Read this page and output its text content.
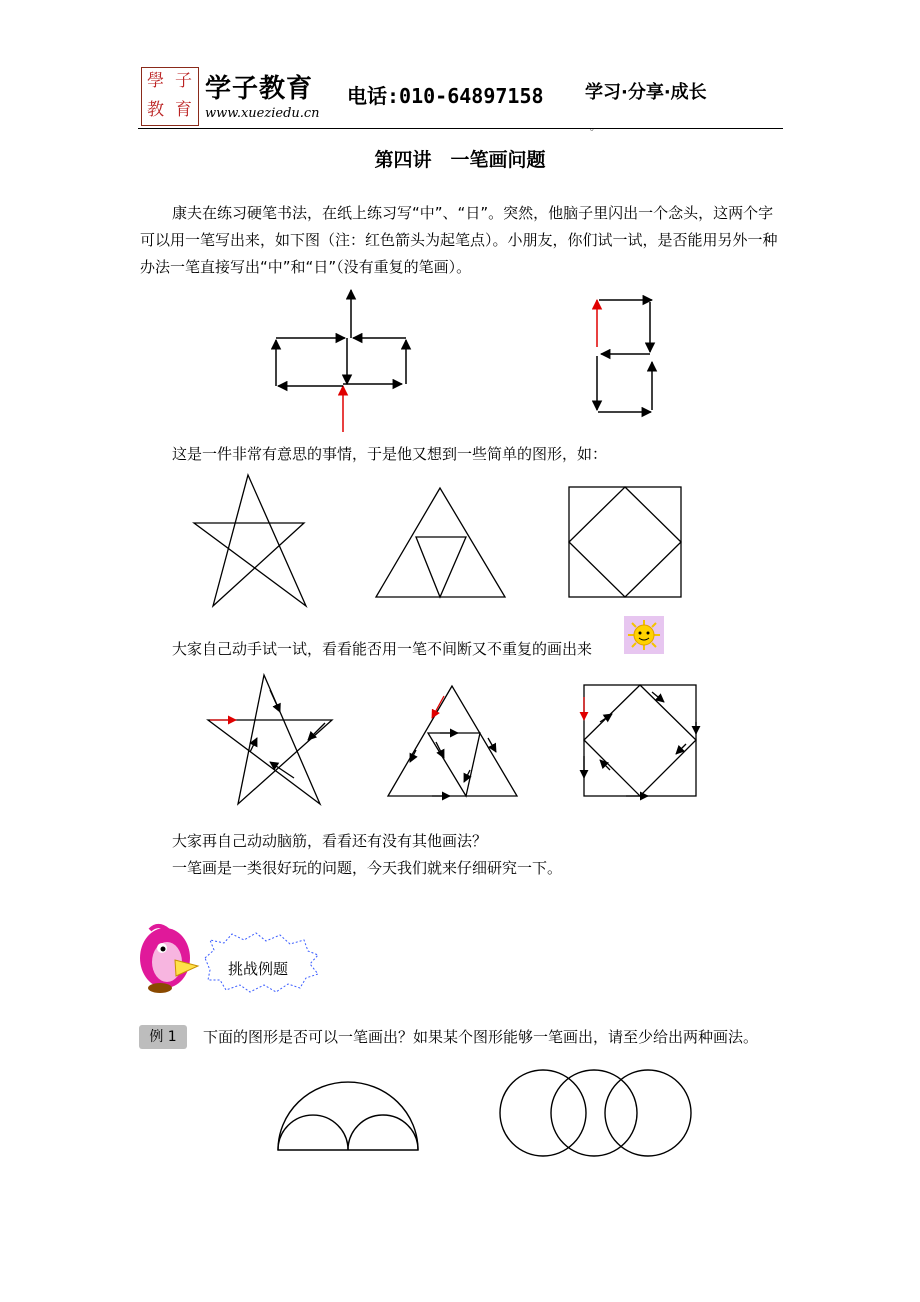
學 子
教 育
学子教育
www.xueziedu.cn
电话:010-64897158 学习·分享·成长
。
第四讲　一笔画问题
康夫在练习硬笔书法，在纸上练习写“中”、“日”。突然，他脑子里闪出一个念头，这两个字可以用一笔写出来，如下图（注：红色箭头为起笔点）。小朋友，你们试一试，是否能用另外一种办法一笔直接写出“中”和“日”（没有重复的笔画）。
这是一件非常有意思的事情，于是他又想到一些简单的图形，如：
大家自己动手试一试，看看能否用一笔不间断又不重复的画出来
大家再自己动动脑筋，看看还有没有其他画法？
一笔画是一类很好玩的问题，今天我们就来仔细研究一下。
挑战例题
例 1	下面的图形是否可以一笔画出？如果某个图形能够一笔画出，请至少给出两种画法。
